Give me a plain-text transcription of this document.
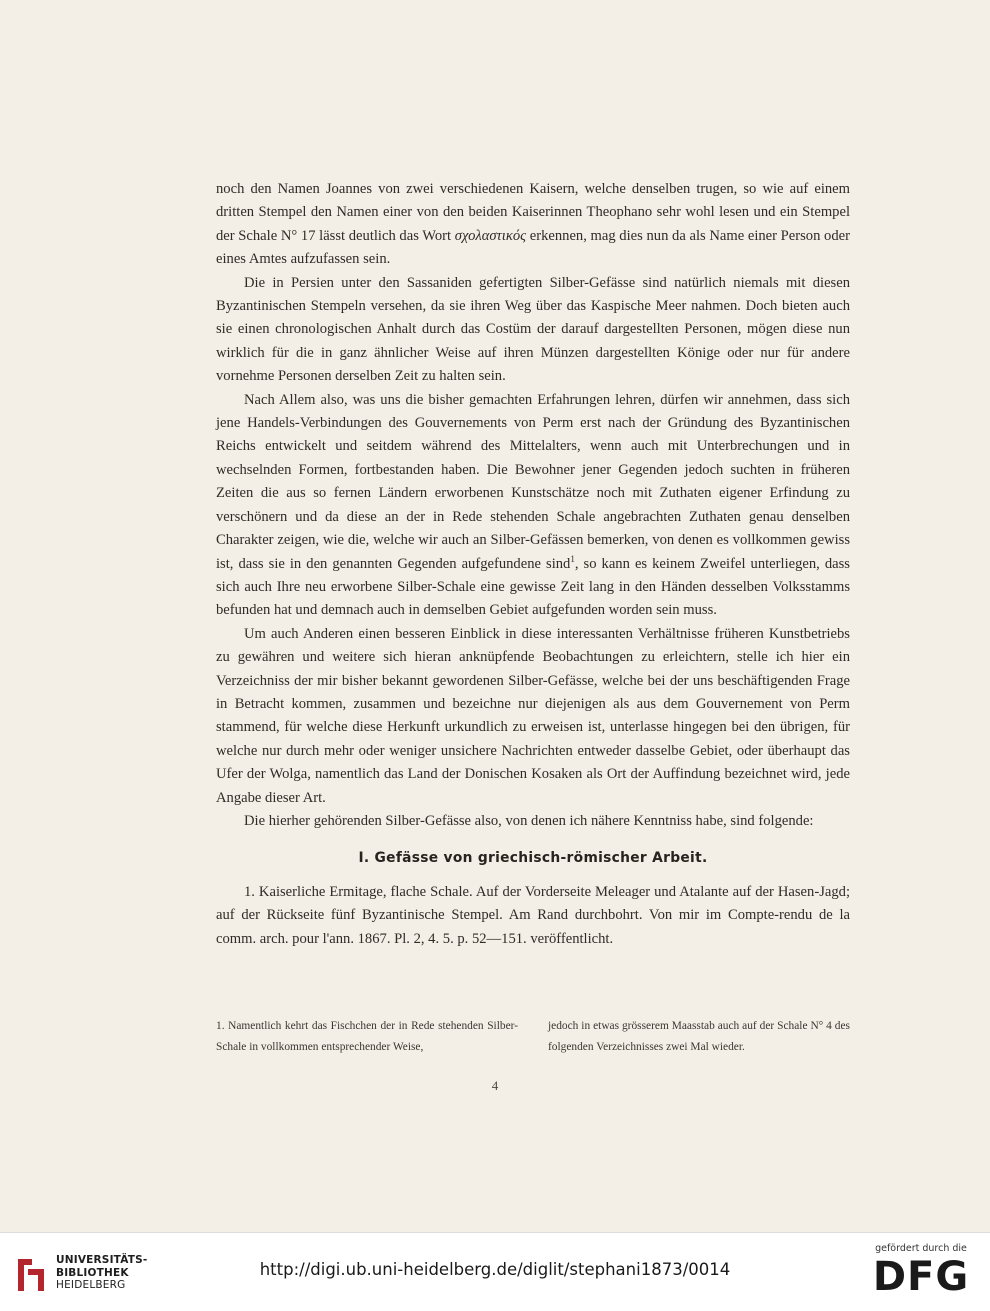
noch den Namen Joannes von zwei verschiedenen Kaisern, welche denselben trugen, so wie auf einem dritten Stempel den Namen einer von den beiden Kaiserinnen Theophano sehr wohl lesen und ein Stempel der Schale N° 17 lässt deutlich das Wort σχολαστικός erkennen, mag dies nun da als Name einer Person oder eines Amtes aufzufassen sein.

Die in Persien unter den Sassaniden gefertigten Silber-Gefässe sind natürlich niemals mit diesen Byzantinischen Stempeln versehen, da sie ihren Weg über das Kaspische Meer nahmen. Doch bieten auch sie einen chronologischen Anhalt durch das Costüm der darauf dargestellten Personen, mögen diese nun wirklich für die in ganz ähnlicher Weise auf ihren Münzen dargestellten Könige oder nur für andere vornehme Personen derselben Zeit zu halten sein.

Nach Allem also, was uns die bisher gemachten Erfahrungen lehren, dürfen wir annehmen, dass sich jene Handels-Verbindungen des Gouvernements von Perm erst nach der Gründung des Byzantinischen Reichs entwickelt und seitdem während des Mittelalters, wenn auch mit Unterbrechungen und in wechselnden Formen, fortbestanden haben. Die Bewohner jener Gegenden jedoch suchten in früheren Zeiten die aus so fernen Ländern erworbenen Kunstschätze noch mit Zuthaten eigener Erfindung zu verschönern und da diese an der in Rede stehenden Schale angebrachten Zuthaten genau denselben Charakter zeigen, wie die, welche wir auch an Silber-Gefässen bemerken, von denen es vollkommen gewiss ist, dass sie in den genannten Gegenden aufgefundene sind$^1$, so kann es keinem Zweifel unterliegen, dass sich auch Ihre neu erworbene Silber-Schale eine gewisse Zeit lang in den Händen desselben Volksstamms befunden hat und demnach auch in demselben Gebiet aufgefunden worden sein muss.

Um auch Anderen einen besseren Einblick in diese interessanten Verhältnisse früheren Kunstbetriebs zu gewähren und weitere sich hieran anknüpfende Beobachtungen zu erleichtern, stelle ich hier ein Verzeichniss der mir bisher bekannt gewordenen Silber-Gefässe, welche bei der uns beschäftigenden Frage in Betracht kommen, zusammen und bezeichne nur diejenigen als aus dem Gouvernement von Perm stammend, für welche diese Herkunft urkundlich zu erweisen ist, unterlasse hingegen bei den übrigen, für welche nur durch mehr oder weniger unsichere Nachrichten entweder dasselbe Gebiet, oder überhaupt das Ufer der Wolga, namentlich das Land der Donischen Kosaken als Ort der Auffindung bezeichnet wird, jede Angabe dieser Art.

Die hierher gehörenden Silber-Gefässe also, von denen ich nähere Kenntniss habe, sind folgende:

I. Gefässe von griechisch-römischer Arbeit.

1. Kaiserliche Ermitage, flache Schale. Auf der Vorderseite Meleager und Atalante auf der Hasen-Jagd; auf der Rückseite fünf Byzantinische Stempel. Am Rand durchbohrt. Von mir im Compte-rendu de la comm. arch. pour l'ann. 1867. Pl. 2, 4. 5. p. 52—151. veröffentlicht.

1. Namentlich kehrt das Fischchen der in Rede stehenden Silber-Schale in vollkommen entsprechender Weise,
jedoch in etwas grösserem Maasstab auch auf der Schale N° 4 des folgenden Verzeichnisses zwei Mal wieder.
4
UNIVERSITÄTS-
BIBLIOTHEK
HEIDELBERG
http://digi.ub.uni-heidelberg.de/diglit/stephani1873/0014
gefördert durch die
DFG
